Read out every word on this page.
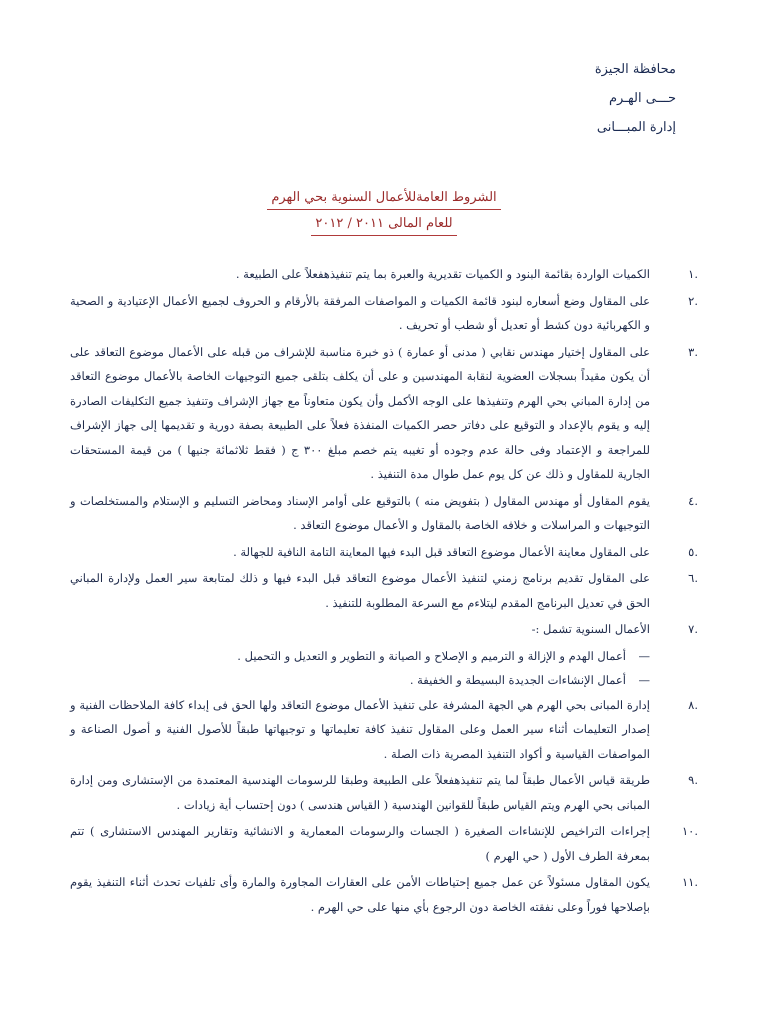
محافظة الجيزة
حـــى الهـرم
إدارة المبـــانى
الشروط العامةللأعمال السنوية بحي الهرم
للعام المالى ٢٠١١ / ٢٠١٢
.١
الكميات الواردة بقائمة البنود و الكميات تقديرية والعبرة بما يتم تنفيذهفعلاً على الطبيعة .
.٢
على المقاول وضع أسعاره لبنود قائمة الكميات و المواصفات المرفقة بالأرقام و الحروف لجميع الأعمال الإعتيادية و الصحية و الكهربائية دون كشط أو تعديل أو شطب أو تحريف .
.٣
على المقاول إختيار مهندس نقابي ( مدنى أو عمارة ) ذو خبرة مناسبة للإشراف من قبله على الأعمال موضوع التعاقد على أن يكون مقيداً بسجلات العضوية لنقابة المهندسين و على أن يكلف بتلقى جميع التوجيهات الخاصة بالأعمال موضوع التعاقد من إدارة المباني بحي الهرم وتنفيذها على الوجه الأكمل وأن يكون متعاوناً مع جهاز الإشراف وتنفيذ جميع التكليفات الصادرة إليه و يقوم بالإعداد و التوقيع على دفاتر حصر الكميات المنفذة فعلاً على الطبيعة بصفة دورية و تقديمها إلى جهاز الإشراف للمراجعة و الإعتماد وفى حالة عدم وجوده أو تغيبه يتم خصم مبلغ ٣٠٠ ج ( فقط ثلاثمائة جنيها ) من قيمة المستحقات الجارية للمقاول و ذلك عن كل يوم عمل طوال مدة التنفيذ .
.٤
يقوم المقاول أو مهندس المقاول ( بتفويض منه ) بالتوقيع على أوامر الإسناد ومحاضر التسليم و الإستلام والمستخلصات و التوجيهات و المراسلات و خلافه الخاصة بالمقاول و الأعمال موضوع التعاقد .
.٥
على المقاول معاينة الأعمال موضوع التعاقد قبل البدء فيها المعاينة التامة النافية للجهالة .
.٦
على المقاول تقديم برنامج زمني لتنفيذ الأعمال موضوع التعاقد قبل البدء فيها و ذلك لمتابعة سير العمل ولإدارة المباني الحق في تعديل البرنامج المقدم ليتلاءم مع السرعة المطلوبة للتنفيذ .
.٧
الأعمال السنوية تشمل :-
—
أعمال الهدم و الإزالة و الترميم و الإصلاح و الصيانة و التطوير و التعديل و التحميل .
—
أعمال الإنشاءات الجديدة البسيطة و الخفيفة .
.٨
إدارة المبانى بحي الهرم هي الجهة المشرفة على تنفيذ الأعمال موضوع التعاقد ولها الحق فى إبداء كافة الملاحظات الفنية و إصدار التعليمات أثناء سير العمل وعلى المقاول تنفيذ كافة تعليماتها و توجيهاتها طبقاً للأصول الفنية و أصول الصناعة و المواصفات القياسية و أكواد التنفيذ المصرية ذات الصلة .
.٩
طريقة قياس الأعمال طبقاً لما يتم تنفيذهفعلاً على الطبيعة وطبقا للرسومات الهندسية المعتمدة من الإستشارى ومن إدارة المبانى بحي الهرم ويتم القياس طبقاً للقوانين الهندسية ( القياس هندسى ) دون إحتساب أية زيادات .
.١٠
إجراءات التراخيص للإنشاءات الصغيرة ( الجسات والرسومات المعمارية و الانشائية وتقارير المهندس الاستشارى ) تتم بمعرفة الطرف الأول ( حي الهرم )
.١١
يكون المقاول مسئولاً عن عمل جميع إحتياطات الأمن على العقارات المجاورة والمارة وأى تلفيات تحدث أثناء التنفيذ يقوم بإصلاحها فوراً وعلى نفقته الخاصة دون الرجوع بأي منها على حي الهرم .
